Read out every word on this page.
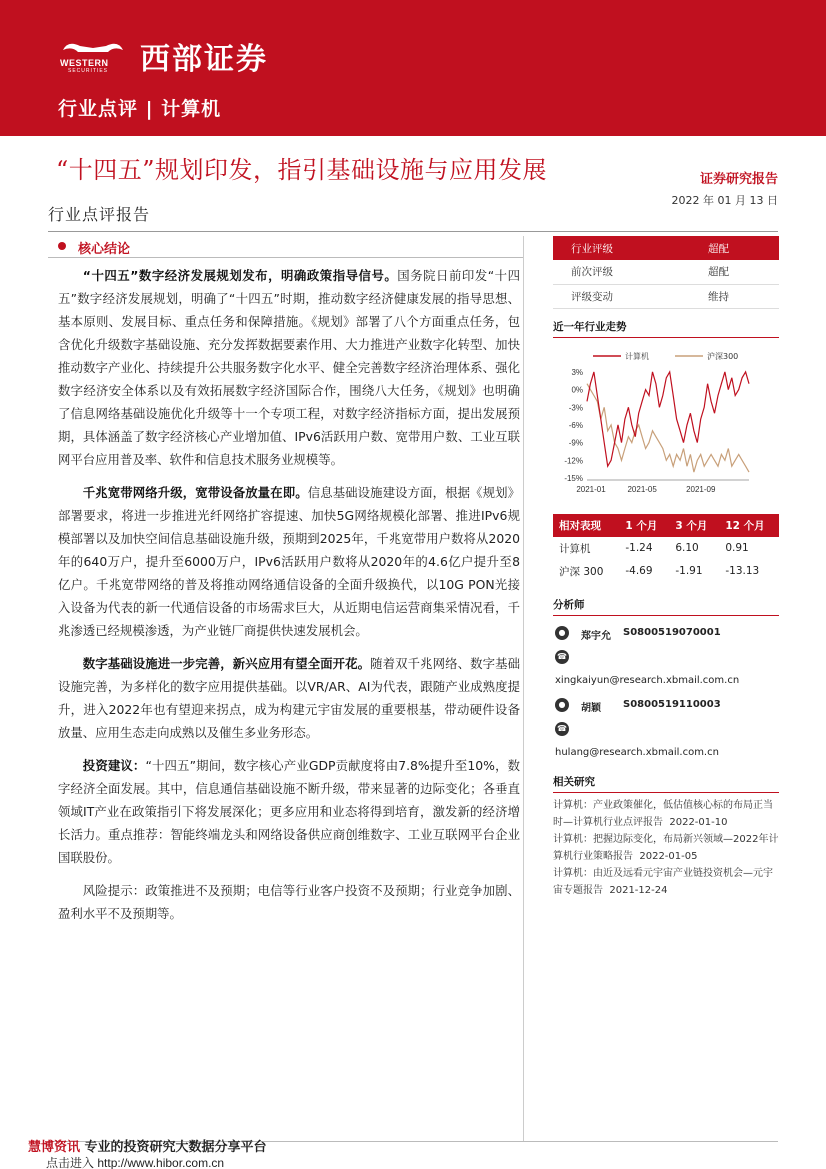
WESTERN
SECURITIES 西部证券
行业点评 | 计算机
“十四五”规划印发，指引基础设施与应用发展	证券研究报告
2022 年 01 月 13 日
行业点评报告
核心结论

“十四五”数字经济发展规划发布，明确政策指导信号。国务院日前印发“十四五”数字经济发展规划，明确了“十四五”时期，推动数字经济健康发展的指导思想、基本原则、发展目标、重点任务和保障措施。《规划》部署了八个方面重点任务，包含优化升级数字基础设施、充分发挥数据要素作用、大力推进产业数字化转型、加快推动数字产业化、持续提升公共服务数字化水平、健全完善数字经济治理体系、强化数字经济安全体系以及有效拓展数字经济国际合作，围绕八大任务，《规划》也明确了信息网络基础设施优化升级等十一个专项工程，对数字经济指标方面，提出发展预期，具体涵盖了数字经济核心产业增加值、IPv6活跃用户数、宽带用户数、工业互联网平台应用普及率、软件和信息技术服务业规模等。

千兆宽带网络升级，宽带设备放量在即。信息基础设施建设方面，根据《规划》部署要求，将进一步推进光纤网络扩容提速、加快5G网络规模化部署、推进IPv6规模部署以及加快空间信息基础设施升级，预期到2025年，千兆宽带用户数将从2020年的640万户，提升至6000万户，IPv6活跃用户数将从2020年的4.6亿户提升至8亿户。千兆宽带网络的普及将推动网络通信设备的全面升级换代，以10G PON光接入设备为代表的新一代通信设备的市场需求巨大，从近期电信运营商集采情况看，千兆渗透已经规模渗透，为产业链厂商提供快速发展机会。

数字基础设施进一步完善，新兴应用有望全面开花。随着双千兆网络、数字基础设施完善，为多样化的数字应用提供基础。以VR/AR、AI为代表，跟随产业成熟度提升，进入2022年也有望迎来拐点，成为构建元宇宙发展的重要根基，带动硬件设备放量、应用生态走向成熟以及催生多业务形态。

投资建议：“十四五”期间，数字核心产业GDP贡献度将由7.8%提升至10%，数字经济全面发展。其中，信息通信基础设施不断升级，带来显著的边际变化；各垂直领域IT产业在政策指引下将发展深化；更多应用和业态将得到培育，激发新的经济增长活力。重点推荐：智能终端龙头和网络设备供应商创维数字、工业互联网平台企业国联股份。

风险提示：政策推进不及预期；电信等行业客户投资不及预期；行业竞争加剧、盈利水平不及预期等。

行业评级	超配
前次评级	超配
评级变动	维持
近一年行业走势
计算机	沪深300
3%
0%
-3%
-6%
-9%
-12%
-15%
2021-01	2021-05	2021-09
相对表现	1 个月	3 个月	12 个月
计算机	-1.24	6.10	0.91
沪深 300	-4.69	-1.91	-13.13
分析师
●	郑宇允 S0800519070001
☎
xingkaiyun@research.xbmail.com.cn
●	胡颖 S0800519110003
☎
hulang@research.xbmail.com.cn
相关研究
计算机：产业政策催化，低估值核心标的布局正当时—计算机行业点评报告 2022-01-10
计算机：把握边际变化，布局新兴领域—2022年计算机行业策略报告 2022-01-05
计算机：由近及远看元宇宙产业链投资机会—元宇宙专题报告 2021-12-24
慧博资讯 专业的投资研究大数据分享平台
点击进入 http://www.hibor.com.cn
